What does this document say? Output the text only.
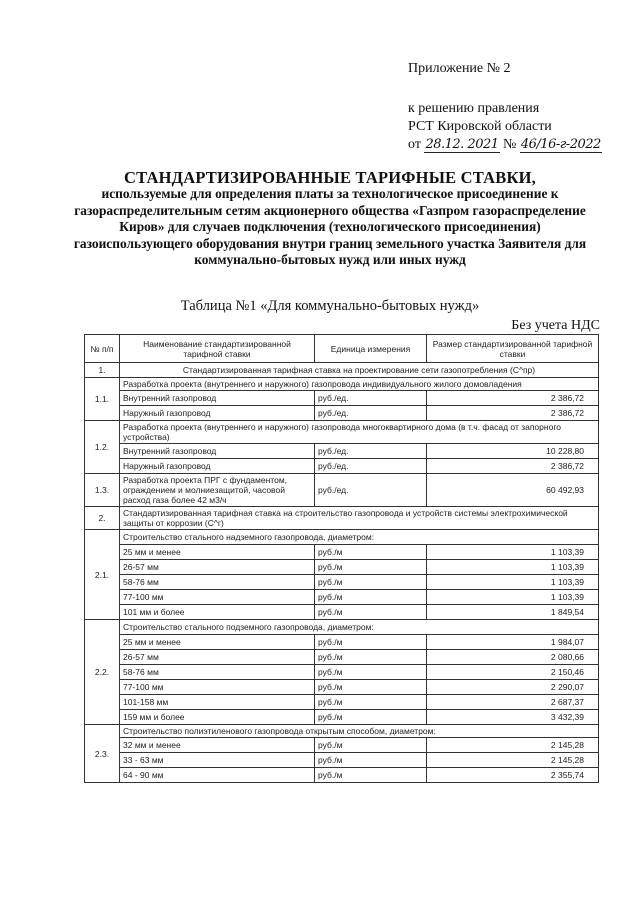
Приложение № 2
к решению правления
РСТ Кировской области
от 28.12. 2021 № 46/16-г-2022
СТАНДАРТИЗИРОВАННЫЕ ТАРИФНЫЕ СТАВКИ,
используемые для определения платы за технологическое присоединение к газораспределительным сетям акционерного общества «Газпром газораспределение Киров» для случаев подключения (технологического присоединения) газоиспользующего оборудования внутри границ земельного участка Заявителя для коммунально-бытовых нужд или иных нужд
Таблица №1 «Для коммунально-бытовых нужд»
Без учета НДС
№ п/п	Наименование стандартизированной тарифной ставки	Единица измерения	Размер стандартизированной тарифной ставки
1.	Стандартизированная тарифная ставка на проектирование сети газопотребления (C^пр)		
1.1.	Разработка проекта (внутреннего и наружного) газопровода индивидуального жилого домовладения		
	Внутренний газопровод	руб./ед.	2 386,72
	Наружный газопровод	руб./ед.	2 386,72
1.2.	Разработка проекта (внутреннего и наружного) газопровода многоквартирного дома (в т.ч. фасад от запорного устройства)		
	Внутренний газопровод	руб./ед.	10 228,80
	Наружный газопровод	руб./ед.	2 386,72
1.3.	Разработка проекта ПРГ с фундаментом, ограждением и молниезащитой, часовой расход газа более 42 м3/ч	руб./ед.	60 492,93
2.	Стандартизированная тарифная ставка на строительство газопровода и устройств системы электрохимической защиты от коррозии (C^г)		
2.1.	Строительство стального надземного газопровода, диаметром:		
	25 мм и менее	руб./м	1 103,39
	26-57 мм	руб./м	1 103,39
	58-76 мм	руб./м	1 103,39
	77-100 мм	руб./м	1 103,39
	101 мм и более	руб./м	1 849,54
2.2.	Строительство стального подземного газопровода, диаметром:		
	25 мм и менее	руб./м	1 984,07
	26-57 мм	руб./м	2 080,66
	58-76 мм	руб./м	2 150,46
	77-100 мм	руб./м	2 290,07
	101-158 мм	руб./м	2 687,37
	159 мм и более	руб./м	3 432,39
2.3.	Строительство полиэтиленового газопровода открытым способом, диаметром:		
	32 мм и менее	руб./м	2 145,28
	33 - 63 мм	руб./м	2 145,28
	64 - 90 мм	руб./м	2 355,74
